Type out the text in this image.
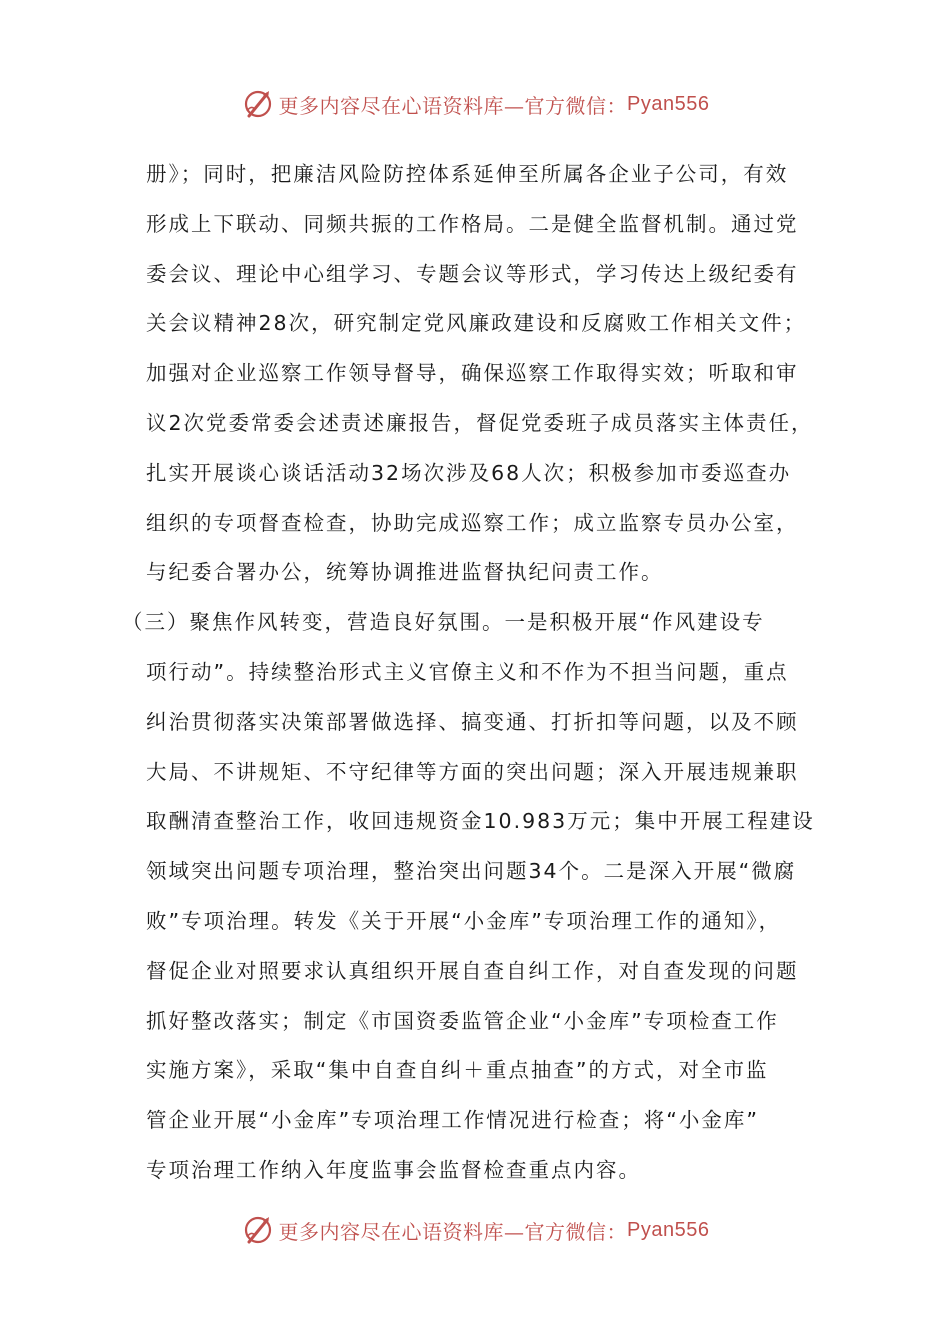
更多内容尽在心语资料库—官方微信： Pyan556
册》；同时，把廉洁风险防控体系延伸至所属各企业子公司，有效
形成上下联动、同频共振的工作格局。二是健全监督机制。通过党
委会议、理论中心组学习、专题会议等形式，学习传达上级纪委有
关会议精神28次，研究制定党风廉政建设和反腐败工作相关文件；
加强对企业巡察工作领导督导，确保巡察工作取得实效；听取和审
议2次党委常委会述责述廉报告，督促党委班子成员落实主体责任，
扎实开展谈心谈话活动32场次涉及68人次；积极参加市委巡查办
组织的专项督查检查，协助完成巡察工作；成立监察专员办公室，
与纪委合署办公，统筹协调推进监督执纪问责工作。
（三）聚焦作风转变，营造良好氛围。一是积极开展“作风建设专
项行动”。持续整治形式主义官僚主义和不作为不担当问题，重点
纠治贯彻落实决策部署做选择、搞变通、打折扣等问题，以及不顾
大局、不讲规矩、不守纪律等方面的突出问题；深入开展违规兼职
取酬清查整治工作，收回违规资金10.983万元；集中开展工程建设
领域突出问题专项治理，整治突出问题34个。二是深入开展“微腐
败”专项治理。转发《关于开展“小金库”专项治理工作的通知》，
督促企业对照要求认真组织开展自查自纠工作，对自查发现的问题
抓好整改落实；制定《市国资委监管企业“小金库”专项检查工作
实施方案》，采取“集中自查自纠＋重点抽查”的方式，对全市监
管企业开展“小金库”专项治理工作情况进行检查；将“小金库”
专项治理工作纳入年度监事会监督检查重点内容。
更多内容尽在心语资料库—官方微信： Pyan556
